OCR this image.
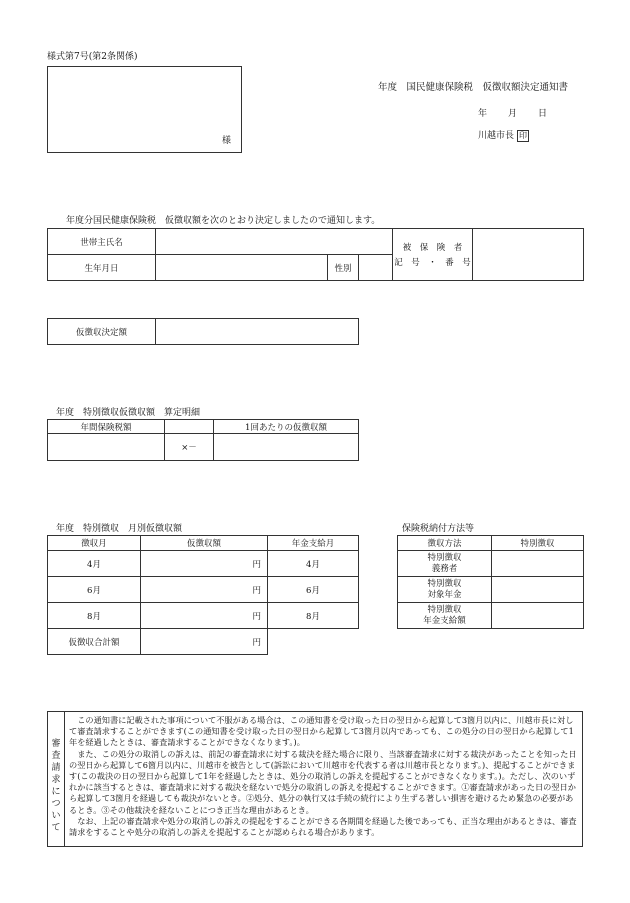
様式第7号(第2条関係)
様
年度　国民健康保険税　仮徴収額決定通知書
年　　月　　日
川越市長 印
年度分国民健康保険税　仮徴収額を次のとおり決定しましたので通知します。
世帯主氏名				被　保　険　者
記　号　・　番　号	

生年月日		性別			
仮徴収決定額	
年度　特別徴収仮徴収額　算定明細
年間保険税額		1回あたりの仮徴収額
	×－	
年度　特別徴収　月別仮徴収額
徴収月	仮徴収額	年金支給月
4月	円	4月
6月	円	6月
8月	円	8月
仮徴収合計額	円	
保険税納付方法等
徴収方法	特別徴収

特別徴収
義務者	

特別徴収
対象年金	

特別徴収
年金支給額	

審
査
請
求
に
つ
い
て

この通知書に記載された事項について不服がある場合は、この通知書を受け取った日の翌日から起算して3箇月以内に、川越市長に対して審査請求することができます(この通知書を受け取った日の翌日から起算して3箇月以内であっても、この処分の日の翌日から起算して1年を経過したときは、審査請求することができなくなります。)。

また、この処分の取消しの訴えは、前記の審査請求に対する裁決を経た場合に限り、当該審査請求に対する裁決があったことを知った日の翌日から起算して6箇月以内に、川越市を被告として(訴訟において川越市を代表する者は川越市長となります。)、提起することができます(この裁決の日の翌日から起算して1年を経過したときは、処分の取消しの訴えを提起することができなくなります。)。ただし、次のいずれかに該当するときは、審査請求に対する裁決を経ないで処分の取消しの訴えを提起することができます。①審査請求があった日の翌日から起算して3箇月を経過しても裁決がないとき。②処分、処分の執行又は手続の続行により生ずる著しい損害を避けるため緊急の必要があるとき。③その他裁決を経ないことにつき正当な理由があるとき。

なお、上記の審査請求や処分の取消しの訴えの提起をすることができる各期間を経過した後であっても、正当な理由があるときは、審査請求をすることや処分の取消しの訴えを提起することが認められる場合があります。
